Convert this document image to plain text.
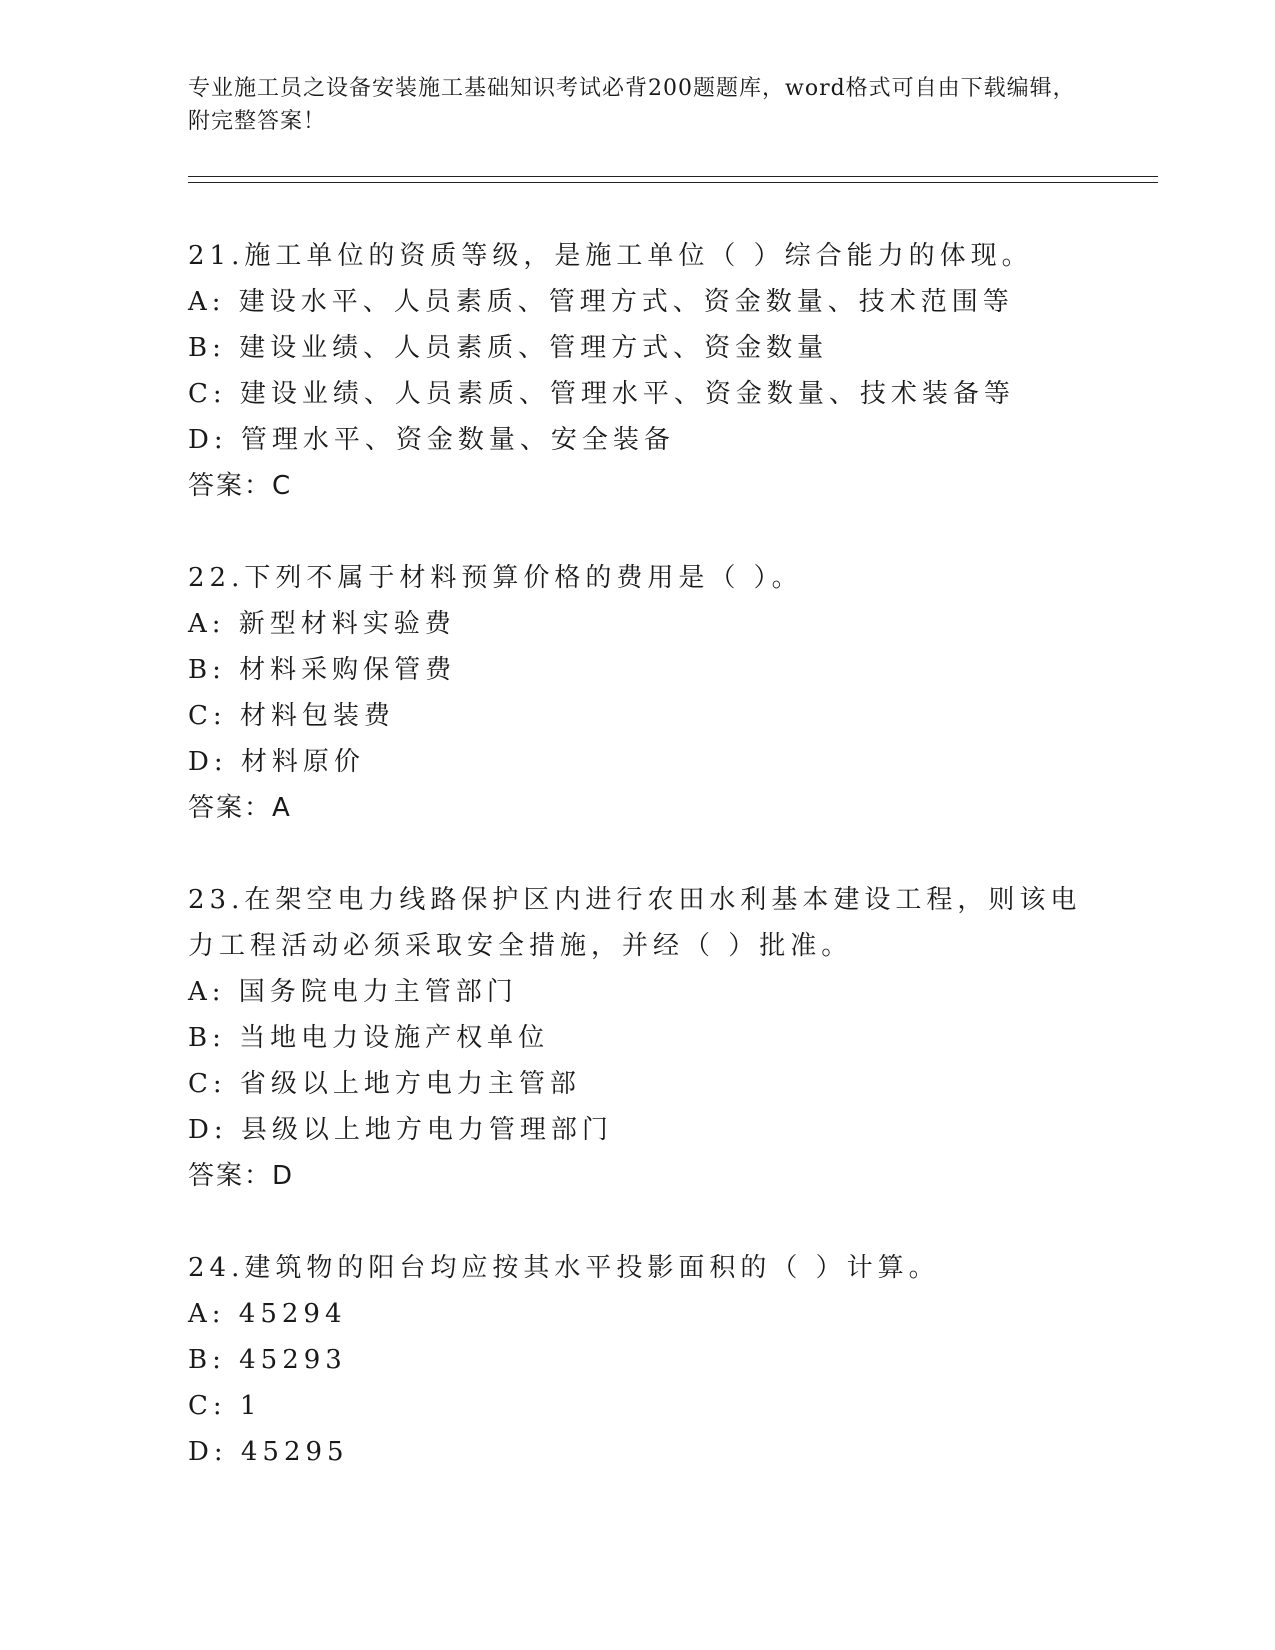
专业施工员之设备安装施工基础知识考试必背200题题库，word格式可自由下载编辑，附完整答案！
21.施工单位的资质等级，是施工单位（ ）综合能力的体现。
A: 建设水平、人员素质、管理方式、资金数量、技术范围等
B: 建设业绩、人员素质、管理方式、资金数量
C: 建设业绩、人员素质、管理水平、资金数量、技术装备等
D: 管理水平、资金数量、安全装备
答案：C
22.下列不属于材料预算价格的费用是（ ）。
A: 新型材料实验费
B: 材料采购保管费
C: 材料包装费
D: 材料原价
答案：A
23.在架空电力线路保护区内进行农田水利基本建设工程，则该电力工程活动必须采取安全措施，并经（ ）批准。
A: 国务院电力主管部门
B: 当地电力设施产权单位
C: 省级以上地方电力主管部
D: 县级以上地方电力管理部门
答案：D
24.建筑物的阳台均应按其水平投影面积的（ ）计算。
A: 45294
B: 45293
C: 1
D: 45295
